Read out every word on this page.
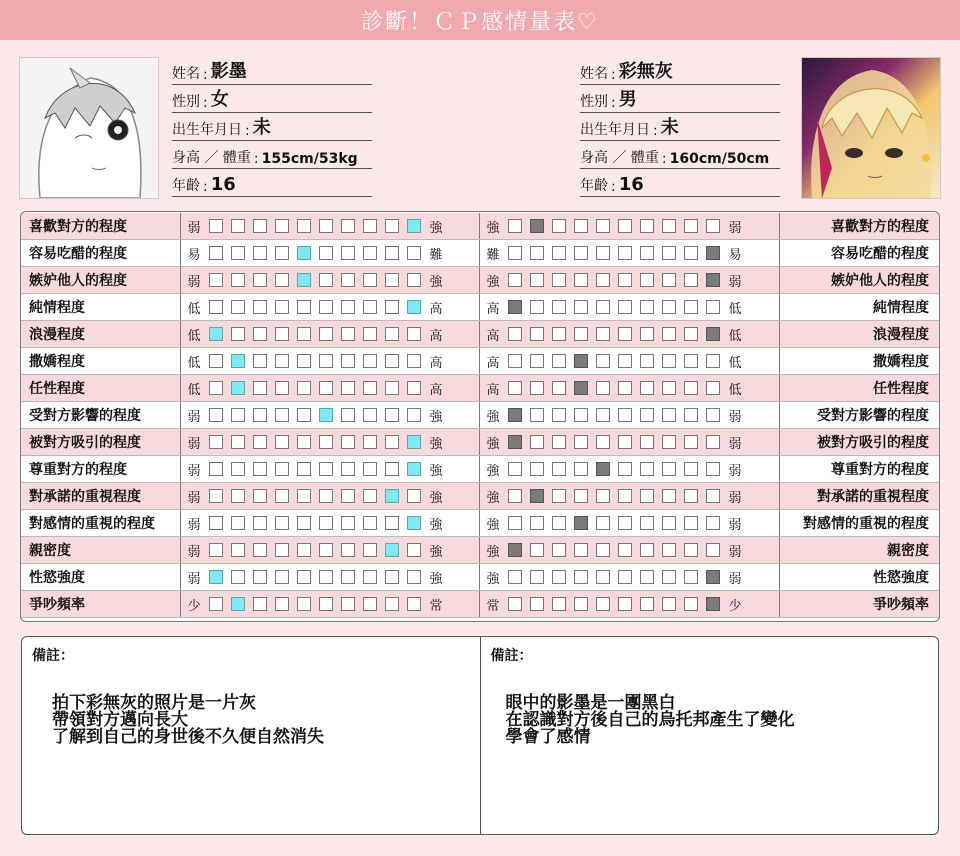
診斷！ＣＰ感情量表♡
姓名 : 影墨
性別 : 女
出生年月日 : 未
身高 ／ 體重 : 155cm/53kg
年齡 : 16
姓名 : 彩無灰
性別 : 男
出生年月日 : 未
身高 ／ 體重 : 160cm/50cm
年齡 : 16
喜歡對方的程度	弱	強	強	弱	喜歡對方的程度
容易吃醋的程度	易	難	難	易	容易吃醋的程度
嫉妒他人的程度	弱	強	強	弱	嫉妒他人的程度
純情程度	低	高	高	低	純情程度
浪漫程度	低	高	高	低	浪漫程度
撒嬌程度	低	高	高	低	撒嬌程度
任性程度	低	高	高	低	任性程度
受對方影響的程度	弱	強	強	弱	受對方影響的程度
被對方吸引的程度	弱	強	強	弱	被對方吸引的程度
尊重對方的程度	弱	強	強	弱	尊重對方的程度
對承諾的重視程度	弱	強	強	弱	對承諾的重視程度
對感情的重視的程度	弱	強	強	弱	對感情的重視的程度
親密度	弱	強	強	弱	親密度
性慾強度	弱	強	強	弱	性慾強度
爭吵頻率	少	常	常	少	爭吵頻率
備註：
拍下彩無灰的照片是一片灰
帶領對方邁向長大
了解到自己的身世後不久便自然消失
備註：
眼中的影墨是一團黑白
在認識對方後自己的烏托邦產生了變化
學會了感情
